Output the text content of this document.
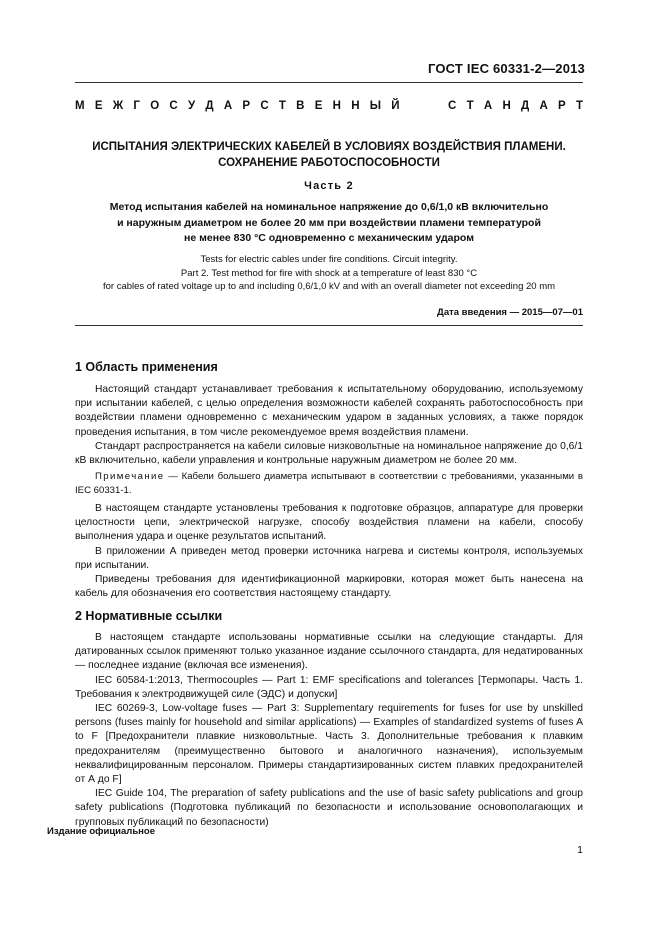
ГОСТ IEC 60331-2—2013
М Е Ж Г О С У Д А Р С Т В Е Н Н Ы Й	С Т А Н Д А Р Т
ИСПЫТАНИЯ ЭЛЕКТРИЧЕСКИХ КАБЕЛЕЙ В УСЛОВИЯХ ВОЗДЕЙСТВИЯ ПЛАМЕНИ.
СОХРАНЕНИЕ РАБОТОСПОСОБНОСТИ
Часть 2
Метод испытания кабелей на номинальное напряжение до 0,6/1,0 кВ включительно
и наружным диаметром не более 20 мм при воздействии пламени температурой
не менее 830 °С одновременно с механическим ударом
Tests for electric cables under fire conditions. Circuit integrity.
Part 2. Test method for fire with shock at a temperature of least 830 °C
for cables of rated voltage up to and including 0,6/1,0 kV and with an overall diameter not exceeding 20 mm
Дата введения — 2015—07—01
1 Область применения

Настоящий стандарт устанавливает требования к испытательному оборудованию, используемому при испытании кабелей, с целью определения возможности кабелей сохранять работоспособность при воздействии пламени одновременно с механическим ударом в заданных условиях, а также порядок проведения испытания, в том числе рекомендуемое время воздействия пламени.

Стандарт распространяется на кабели силовые низковольтные на номинальное напряжение до 0,6/1 кВ включительно, кабели управления и контрольные наружным диаметром не более 20 мм.

Примечание — Кабели большего диаметра испытывают в соответствии с требованиями, указанными в IEC 60331-1.

В настоящем стандарте установлены требования к подготовке образцов, аппаратуре для проверки целостности цепи, электрической нагрузке, способу воздействия пламени на кабели, способу выполнения удара и оценке результатов испытаний.

В приложении А приведен метод проверки источника нагрева и системы контроля, используемых при испытании.

Приведены требования для идентификационной маркировки, которая может быть нанесена на кабель для обозначения его соответствия настоящему стандарту.

2 Нормативные ссылки

В настоящем стандарте использованы нормативные ссылки на следующие стандарты. Для датированных ссылок применяют только указанное издание ссылочного стандарта, для недатированных — последнее издание (включая все изменения).

IEC 60584-1:2013, Thermocouples — Part 1: EMF specifications and tolerances [Термопары. Часть 1. Требования к электродвижущей силе (ЭДС) и допуски]

IEC 60269-3, Low-voltage fuses — Part 3: Supplementary requirements for fuses for use by unskilled persons (fuses mainly for household and similar applications) — Examples of standardized systems of fuses A to F [Предохранители плавкие низковольтные. Часть 3. Дополнительные требования к плавким предохранителям (преимущественно бытового и аналогичного назначения), используемым неквалифицированным персоналом. Примеры стандартизированных систем плавких предохранителей от А до F]

IEC Guide 104, The preparation of safety publications and the use of basic safety publications and group safety publications (Подготовка публикаций по безопасности и использование основополагающих и групповых публикаций по безопасности)

Издание официальное
1
